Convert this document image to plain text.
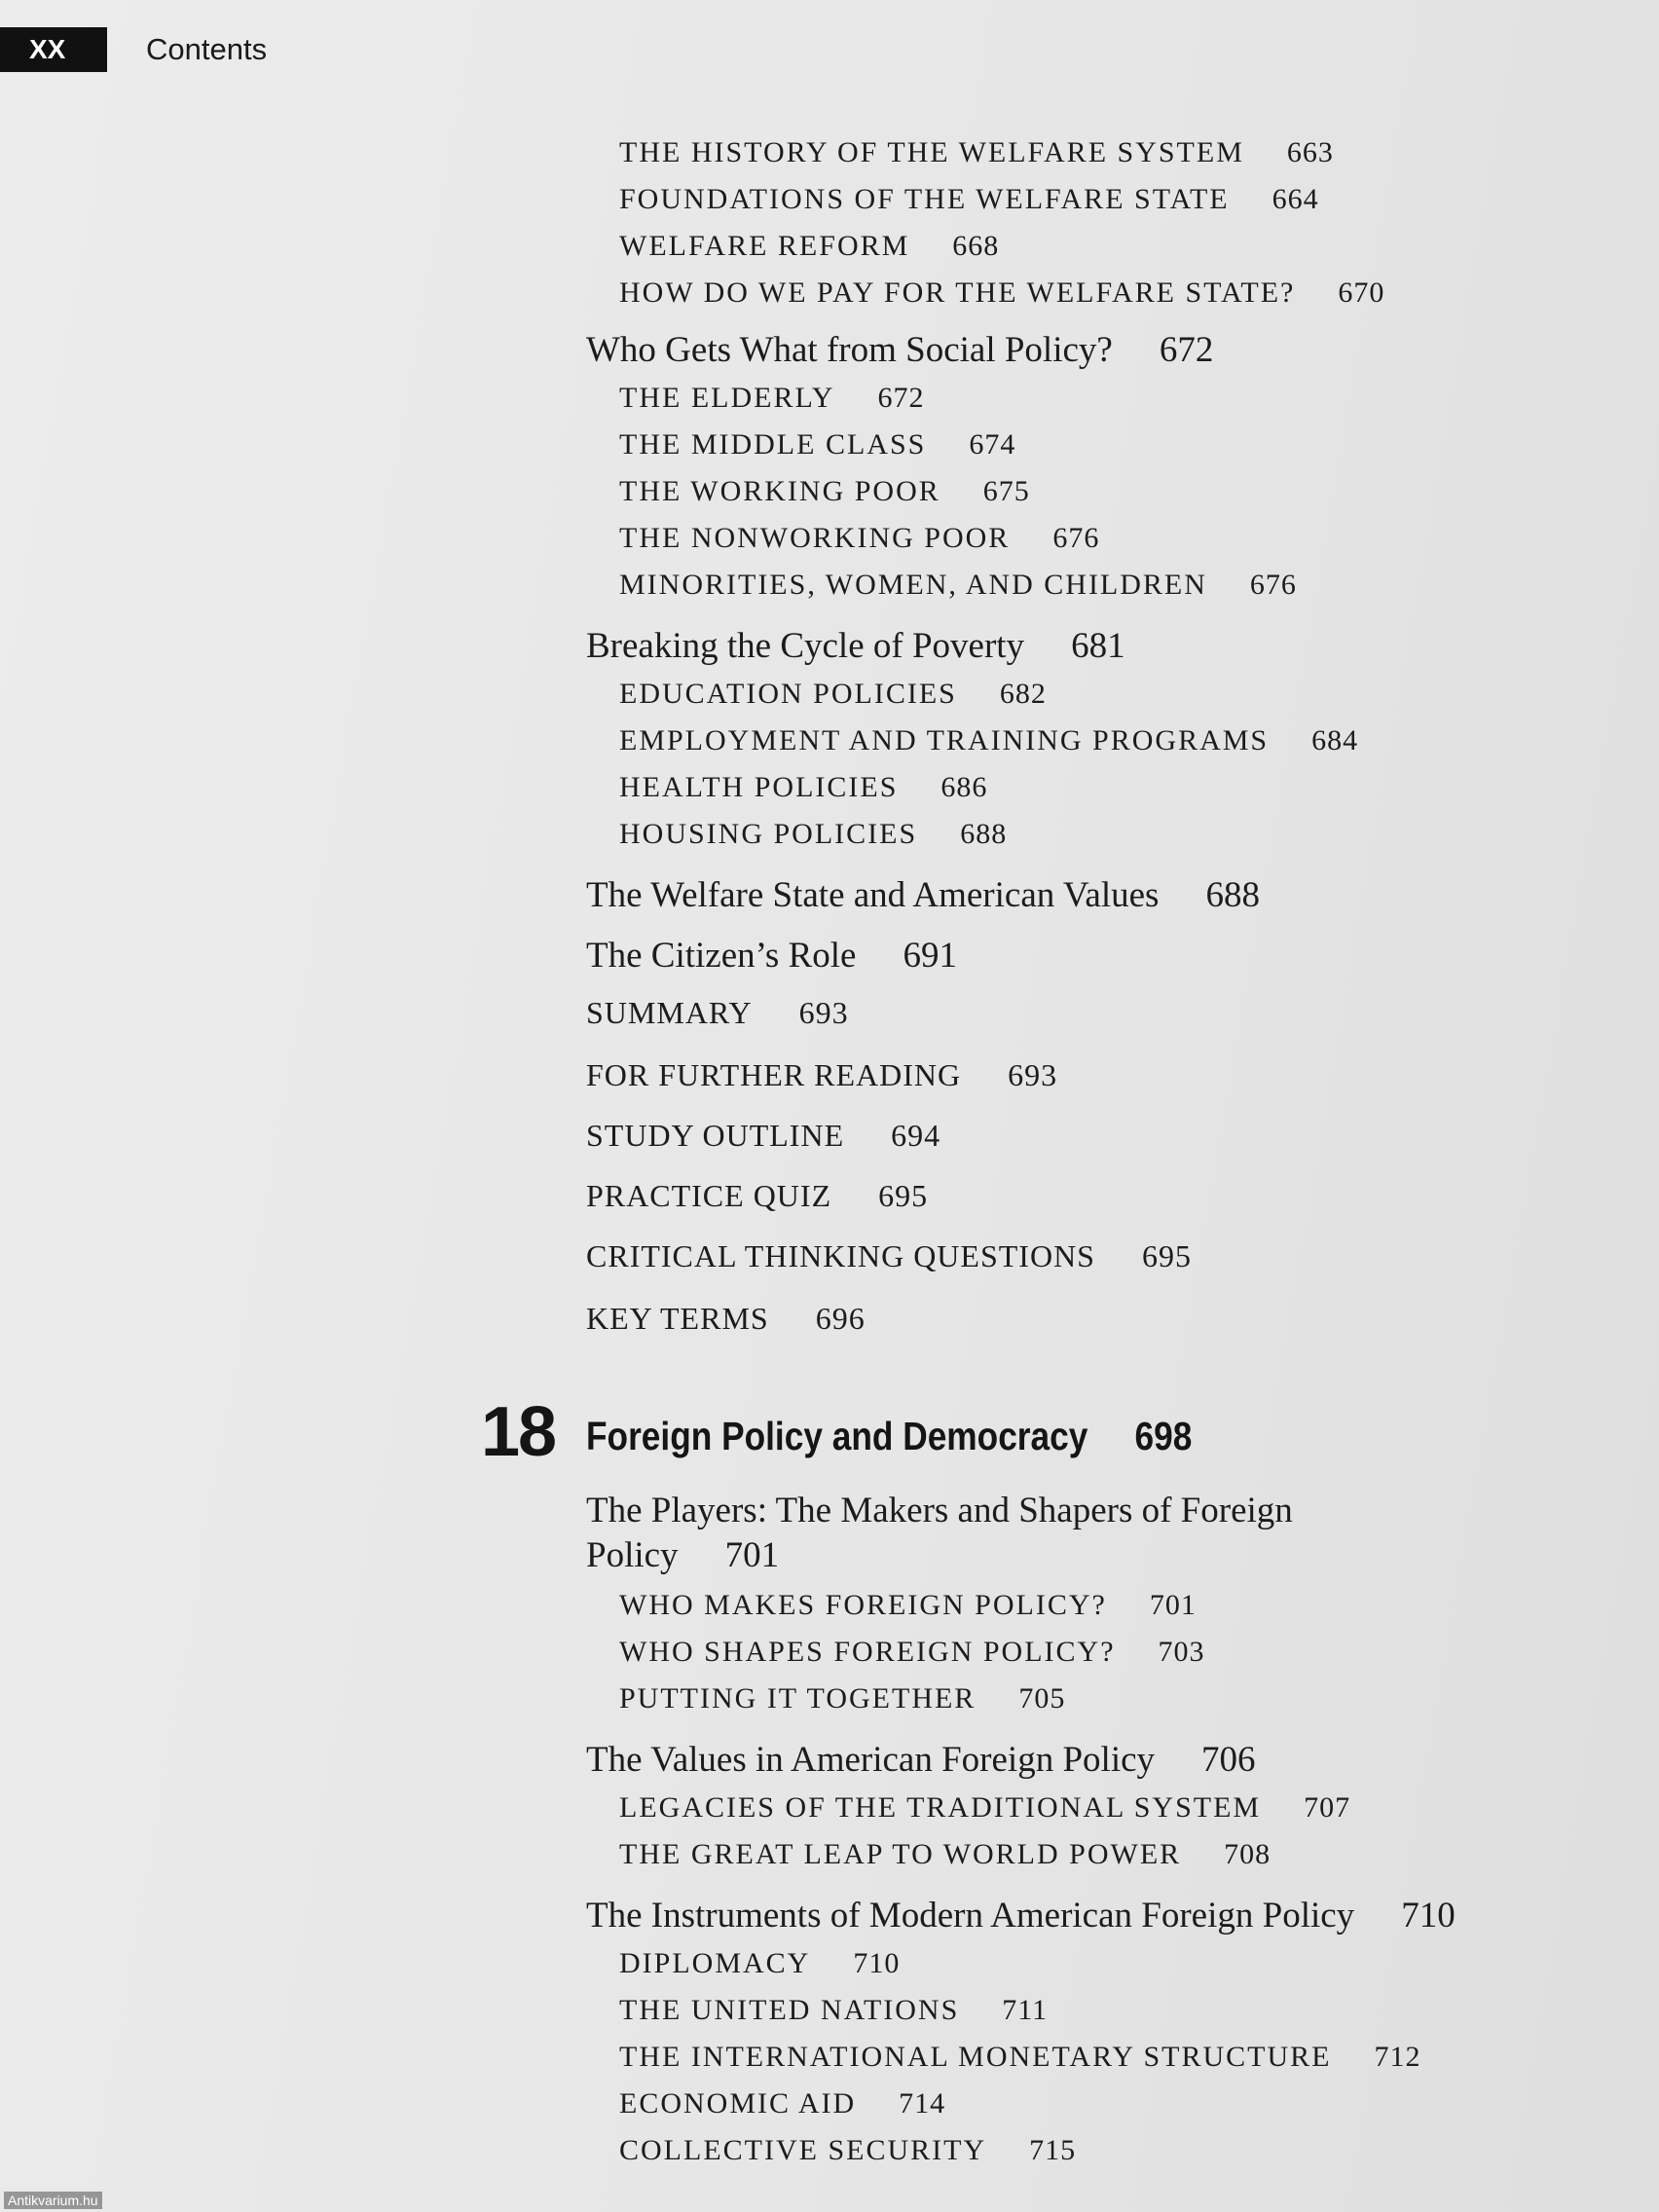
XX	Contents
THE HISTORY OF THE WELFARE SYSTEM 663
FOUNDATIONS OF THE WELFARE STATE 664
WELFARE REFORM 668
HOW DO WE PAY FOR THE WELFARE STATE? 670
Who Gets What from Social Policy? 672
THE ELDERLY 672
THE MIDDLE CLASS 674
THE WORKING POOR 675
THE NONWORKING POOR 676
MINORITIES, WOMEN, AND CHILDREN 676
Breaking the Cycle of Poverty 681
EDUCATION POLICIES 682
EMPLOYMENT AND TRAINING PROGRAMS 684
HEALTH POLICIES 686
HOUSING POLICIES 688
The Welfare State and American Values 688
The Citizen’s Role 691
SUMMARY 693
FOR FURTHER READING 693
STUDY OUTLINE 694
PRACTICE QUIZ 695
CRITICAL THINKING QUESTIONS 695
KEY TERMS 696
18 Foreign Policy and Democracy 698
The Players: The Makers and Shapers of Foreign
Policy 701
WHO MAKES FOREIGN POLICY? 701
WHO SHAPES FOREIGN POLICY? 703
PUTTING IT TOGETHER 705
The Values in American Foreign Policy 706
LEGACIES OF THE TRADITIONAL SYSTEM 707
THE GREAT LEAP TO WORLD POWER 708
The Instruments of Modern American Foreign Policy 710
DIPLOMACY 710
THE UNITED NATIONS 711
THE INTERNATIONAL MONETARY STRUCTURE 712
ECONOMIC AID 714
COLLECTIVE SECURITY 715
Antikvarium.hu
